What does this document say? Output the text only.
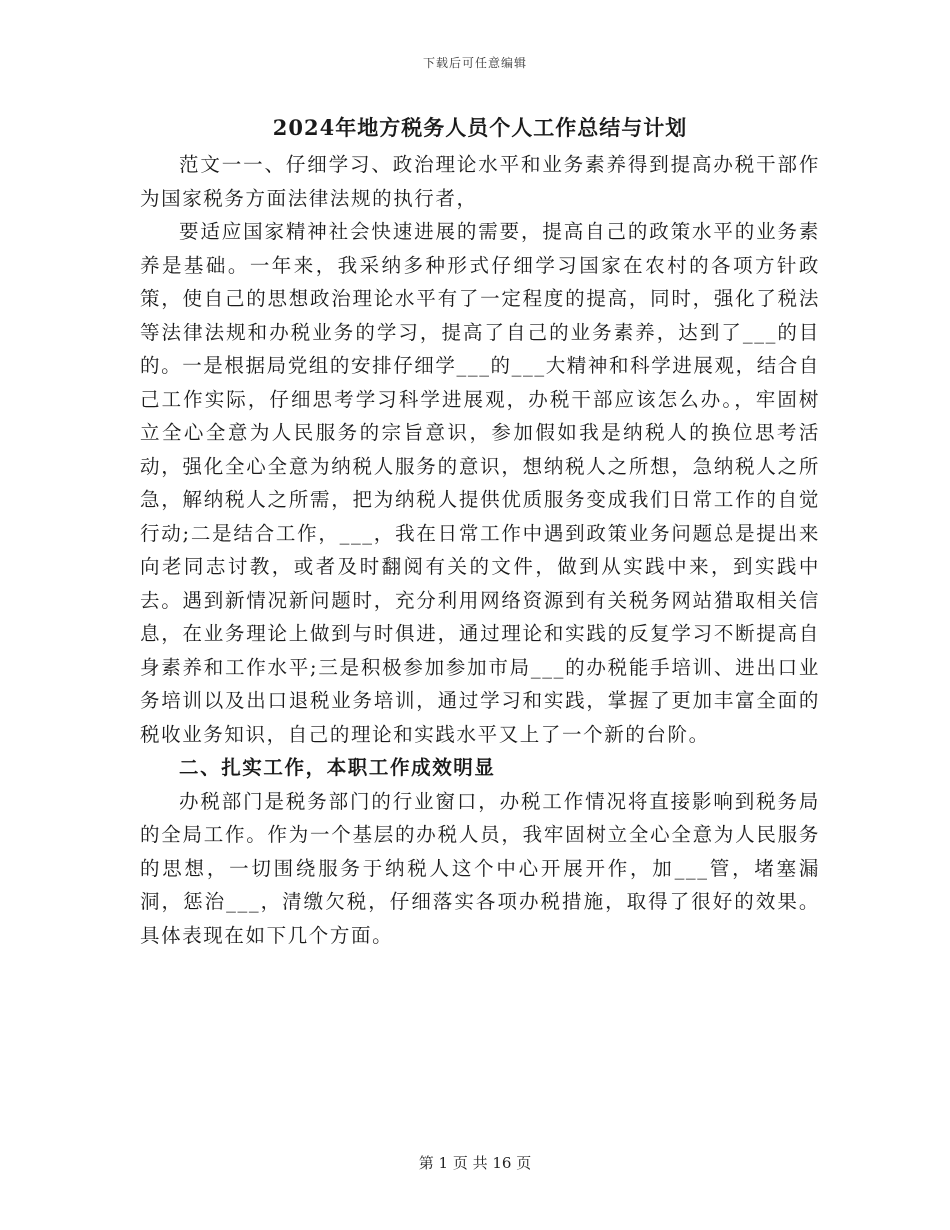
下载后可任意编辑
2024年地方税务人员个人工作总结与计划

范文一一、仔细学习、政治理论水平和业务素养得到提高办税干部作为国家税务方面法律法规的执行者，

要适应国家精神社会快速进展的需要，提高自己的政策水平的业务素养是基础。一年来，我采纳多种形式仔细学习国家在农村的各项方针政策，使自己的思想政治理论水平有了一定程度的提高，同时，强化了税法等法律法规和办税业务的学习，提高了自己的业务素养，达到了___的目的。一是根据局党组的安排仔细学___的___大精神和科学进展观，结合自己工作实际，仔细思考学习科学进展观，办税干部应该怎么办。，牢固树立全心全意为人民服务的宗旨意识，参加假如我是纳税人的换位思考活动，强化全心全意为纳税人服务的意识，想纳税人之所想，急纳税人之所急，解纳税人之所需，把为纳税人提供优质服务变成我们日常工作的自觉行动;二是结合工作，___，我在日常工作中遇到政策业务问题总是提出来向老同志讨教，或者及时翻阅有关的文件，做到从实践中来，到实践中去。遇到新情况新问题时，充分利用网络资源到有关税务网站猎取相关信息，在业务理论上做到与时俱进，通过理论和实践的反复学习不断提高自身素养和工作水平;三是积极参加参加市局___的办税能手培训、进出口业务培训以及出口退税业务培训，通过学习和实践，掌握了更加丰富全面的税收业务知识，自己的理论和实践水平又上了一个新的台阶。

二、扎实工作，本职工作成效明显

办税部门是税务部门的行业窗口，办税工作情况将直接影响到税务局的全局工作。作为一个基层的办税人员，我牢固树立全心全意为人民服务的思想，一切围绕服务于纳税人这个中心开展开作，加___管，堵塞漏洞，惩治___，清缴欠税，仔细落实各项办税措施，取得了很好的效果。具体表现在如下几个方面。

第 1 页 共 16 页
